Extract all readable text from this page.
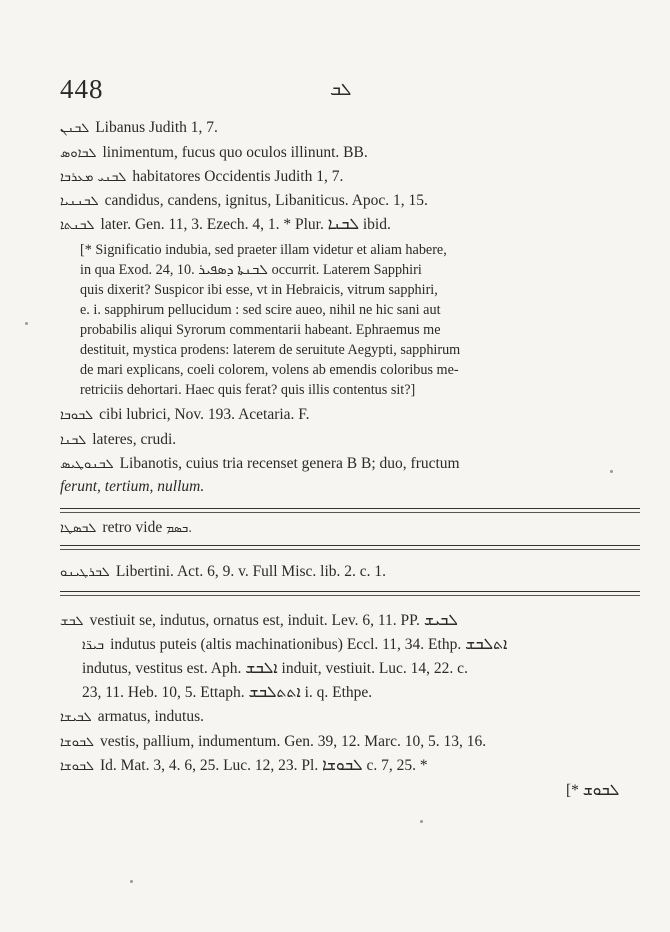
448	ܠܒ
ܠܒܢܢ Libanus Judith 1, 7.
ܠܒܐܘܣ linimentum, fucus quo oculos illinunt. BB.
ܠܒܢܝ ܡܥܪܒܐ habitatores Occidentis Judith 1, 7.
ܠܒܢܢܝܐ candidus, candens, ignitus, Libaniticus. Apoc. 1, 15.
ܠܒܢܬܐ later. Gen. 11, 3. Ezech. 4, 1. * Plur. ܠܒܢܐ ibid.
[* Significatio indubia, sed praeter illam videtur et aliam habere,
in qua Exod. 24, 10. ܠܒܢܬܐ ܕܣܦܝܪ occurrit. Laterem Sapphiri
quis dixerit? Suspicor ibi esse, vt in Hebraicis, vitrum sapphiri,
e. i. sapphirum pellucidum : sed scire aueo, nihil ne hic sani aut
probabilis aliqui Syrorum commentarii habeant. Ephraemus me
destituit, mystica prodens: laterem de seruitute Aegypti, sapphirum
de mari explicans, coeli colorem, volens ab emendis coloribus me-
retriciis dehortari. Haec quis ferat? quis illis contentus sit?]
ܠܒܘܒܐ cibi lubrici, Nov. 193. Acetaria. F.
ܠܒܢܐ lateres, crudi.
ܠܒܢܘܛܝܣ Libanotis, cuius tria recenset genera B B; duo, fructum
ferunt, tertium, nullum.
ܠܒܣܛܐ retro vide ܒܣܡ.
ܠܒܪܛܝܢܘ Libertini. Act. 6, 9. v. Full Misc. lib. 2. c. 1.
ܠܒܫ vestiuit se, indutus, ornatus est, induit. Lev. 6, 11. PP. ܠܒܝܫ
ܒܝܪ̈ܐ indutus puteis (altis machinationibus) Eccl. 11, 34. Ethp. ܐܬܠܒܫ
indutus, vestitus est. Aph. ܐܠܒܫ induit, vestiuit. Luc. 14, 22. c.
23, 11. Heb. 10, 5. Ettaph. ܐܬܬܠܒܫ i. q. Ethpe.
ܠܒܝܫܐ armatus, indutus.
ܠܒܘܫܐ vestis, pallium, indumentum. Gen. 39, 12. Marc. 10, 5. 13, 16.
ܠܒܘܫܐ Id. Mat. 3, 4. 6, 25. Luc. 12, 23. Pl. ܠܒܘܫܐ c. 7, 25. *
[* ܠܒܘܫ
